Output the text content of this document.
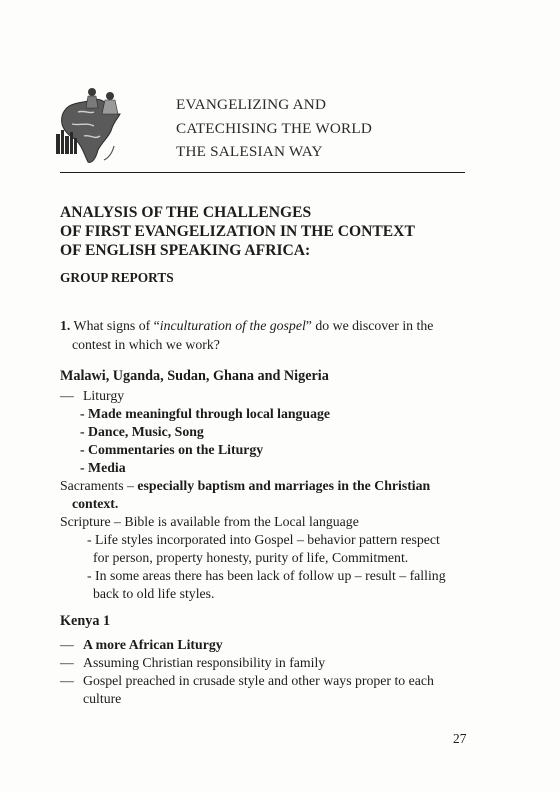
EVANGELIZING AND
CATECHISING THE WORLD
THE SALESIAN WAY
ANALYSIS OF THE CHALLENGES
OF FIRST EVANGELIZATION IN THE CONTEXT
OF ENGLISH SPEAKING AFRICA:
GROUP REPORTS
1. What signs of “inculturation of the gospel” do we discover in the
contest in which we work?
Malawi, Uganda, Sudan, Ghana and Nigeria
— Liturgy
- Made meaningful through local language
- Dance, Music, Song
- Commentaries on the Liturgy
- Media
Sacraments – especially baptism and marriages in the Christian
context.
Scripture – Bible is available from the Local language
- Life styles incorporated into Gospel – behavior pattern respect
for person, property honesty, purity of life, Commitment.
- In some areas there has been lack of follow up – result – falling
back to old life styles.
Kenya 1
— A more African Liturgy
— Assuming Christian responsibility in family
— Gospel preached in crusade style and other ways proper to each
culture
27
